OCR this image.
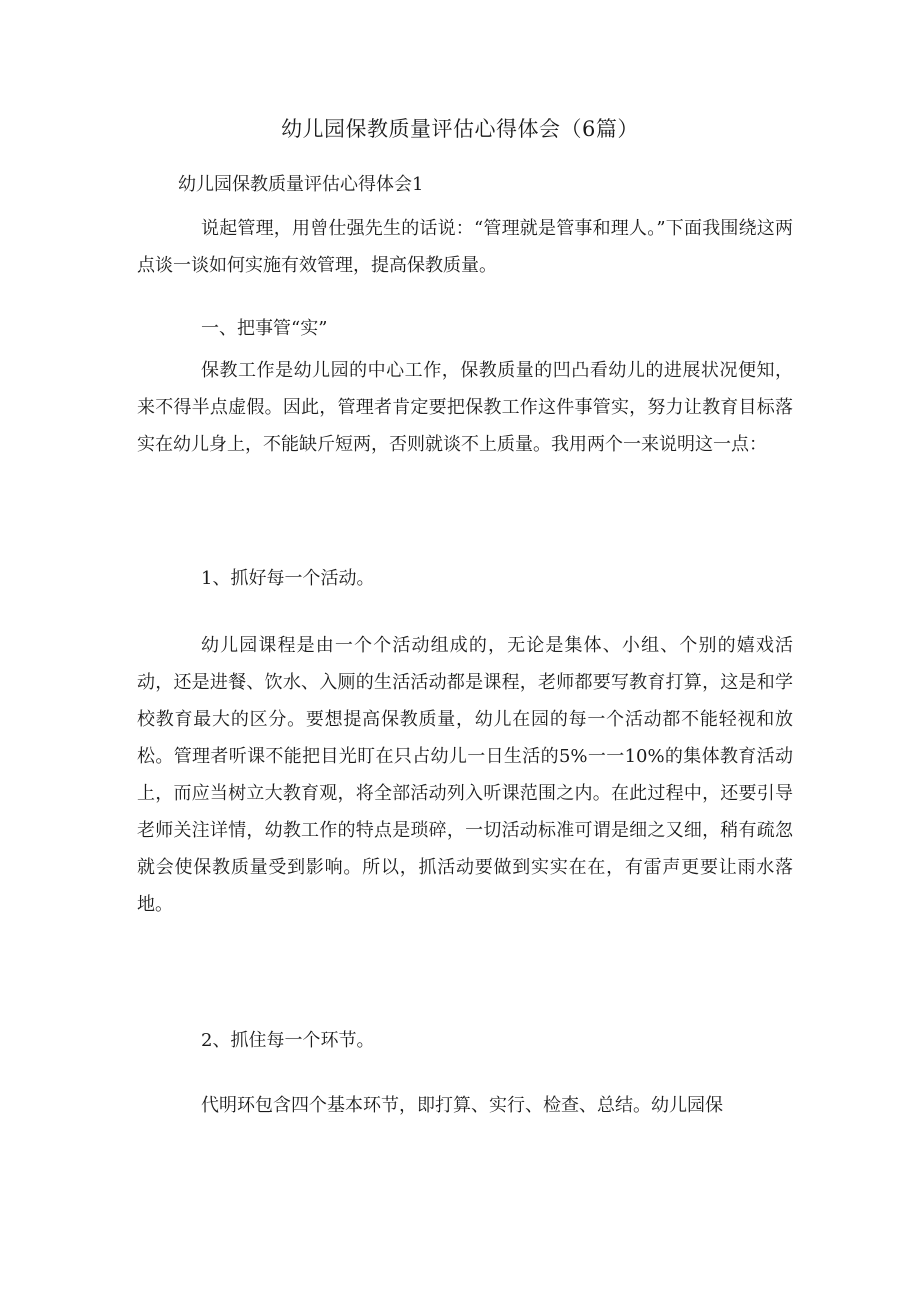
幼儿园保教质量评估心得体会（6篇）
幼儿园保教质量评估心得体会1

说起管理，用曾仕强先生的话说：“管理就是管事和理人。”下面我围绕这两点谈一谈如何实施有效管理，提高保教质量。

一、把事管“实”

保教工作是幼儿园的中心工作，保教质量的凹凸看幼儿的进展状况便知，来不得半点虚假。因此，管理者肯定要把保教工作这件事管实，努力让教育目标落实在幼儿身上，不能缺斤短两，否则就谈不上质量。我用两个一来说明这一点：

1、抓好每一个活动。

幼儿园课程是由一个个活动组成的，无论是集体、小组、个别的嬉戏活动，还是进餐、饮水、入厕的生活活动都是课程，老师都要写教育打算，这是和学校教育最大的区分。要想提高保教质量，幼儿在园的每一个活动都不能轻视和放松。管理者听课不能把目光盯在只占幼儿一日生活的5%一一10%的集体教育活动上，而应当树立大教育观，将全部活动列入听课范围之内。在此过程中，还要引导老师关注详情，幼教工作的特点是琐碎，一切活动标准可谓是细之又细，稍有疏忽就会使保教质量受到影响。所以，抓活动要做到实实在在，有雷声更要让雨水落地。

2、抓住每一个环节。

代明环包含四个基本环节，即打算、实行、检查、总结。幼儿园保
